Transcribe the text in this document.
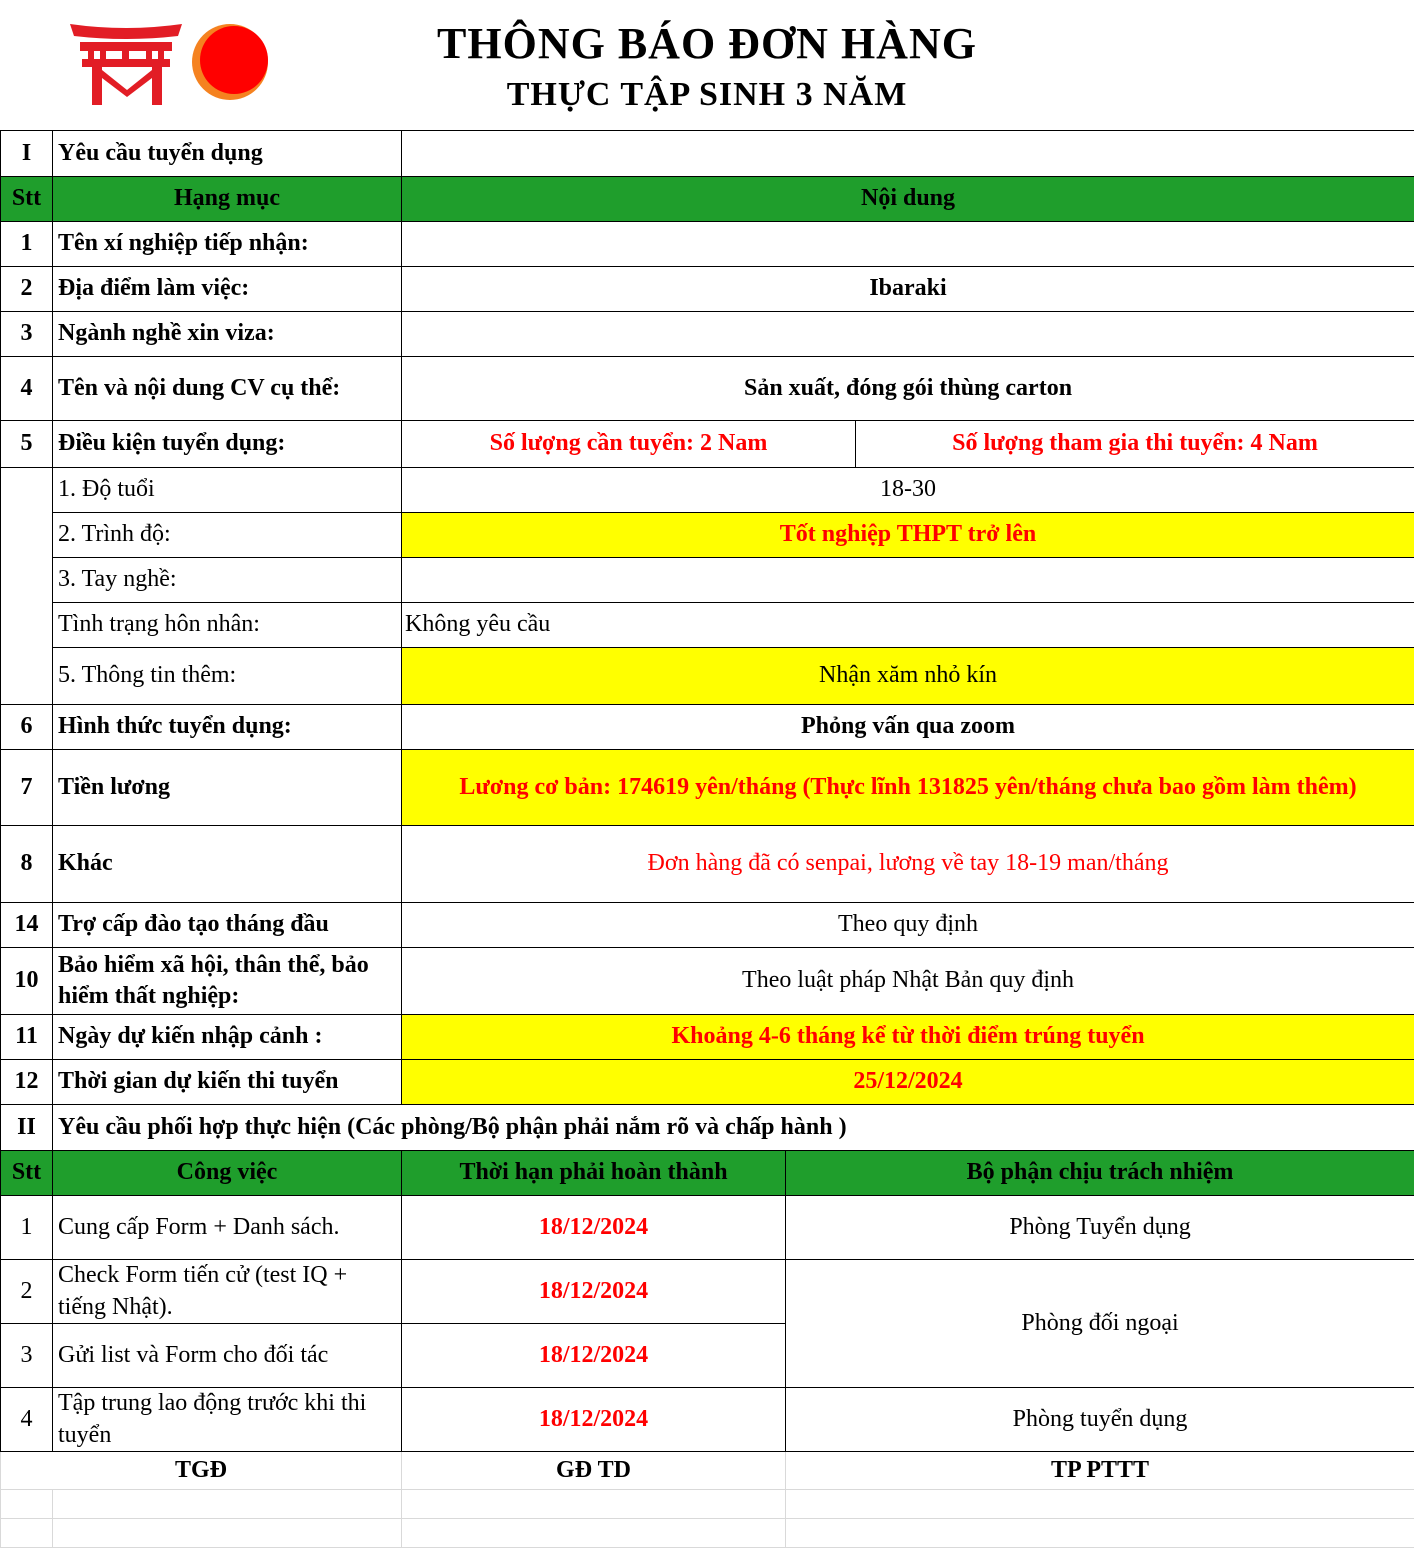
THÔNG BÁO ĐƠN HÀNG
THỰC TẬP SINH 3 NĂM
I	Yêu cầu tuyển dụng			
Stt	Hạng mục	Nội dung		
1	Tên xí nghiệp tiếp nhận:			
2	Địa điểm làm việc:	Ibaraki		
3	Ngành nghề xin viza:			
4	Tên và nội dung CV cụ thể:	Sản xuất, đóng gói thùng carton		
5	Điều kiện tuyển dụng:	Số lượng cần tuyển: 2 Nam		Số lượng tham gia thi tuyển: 4 Nam
	1. Độ tuổi	18-30		
	2. Trình độ:	Tốt nghiệp THPT trở lên		
	3. Tay nghề:			
	Tình trạng hôn nhân:	Không yêu cầu		
	5. Thông tin thêm:	Nhận xăm nhỏ kín		
6	Hình thức tuyển dụng:	Phỏng vấn qua zoom		
7	Tiền lương	Lương cơ bản: 174619 yên/tháng (Thực lĩnh 131825 yên/tháng chưa bao gồm làm thêm)		
8	Khác	Đơn hàng đã có senpai, lương về tay 18-19 man/tháng		
14	Trợ cấp đào tạo tháng đầu	Theo quy định		
10	Bảo hiểm xã hội, thân thể, bảo hiểm thất nghiệp:	Theo luật pháp Nhật Bản quy định		
11	Ngày dự kiến nhập cảnh :	Khoảng 4-6 tháng kể từ thời điểm trúng tuyển		
12	Thời gian dự kiến thi tuyển	25/12/2024		
II	Yêu cầu phối hợp thực hiện (Các phòng/Bộ phận phải nắm rõ và chấp hành )			
Stt	Công việc	Thời hạn phải hoàn thành	Bộ phận chịu trách nhiệm	
1	Cung cấp Form + Danh sách.	18/12/2024	Phòng Tuyển dụng	
2	Check Form tiến cử (test IQ + tiếng Nhật).	18/12/2024	Phòng đối ngoại	
3	Gửi list và Form cho đối tác	18/12/2024		
4	Tập trung lao động trước khi thi tuyển	18/12/2024	Phòng tuyển dụng	
TGĐ		GĐ TD	TP PTTT	
